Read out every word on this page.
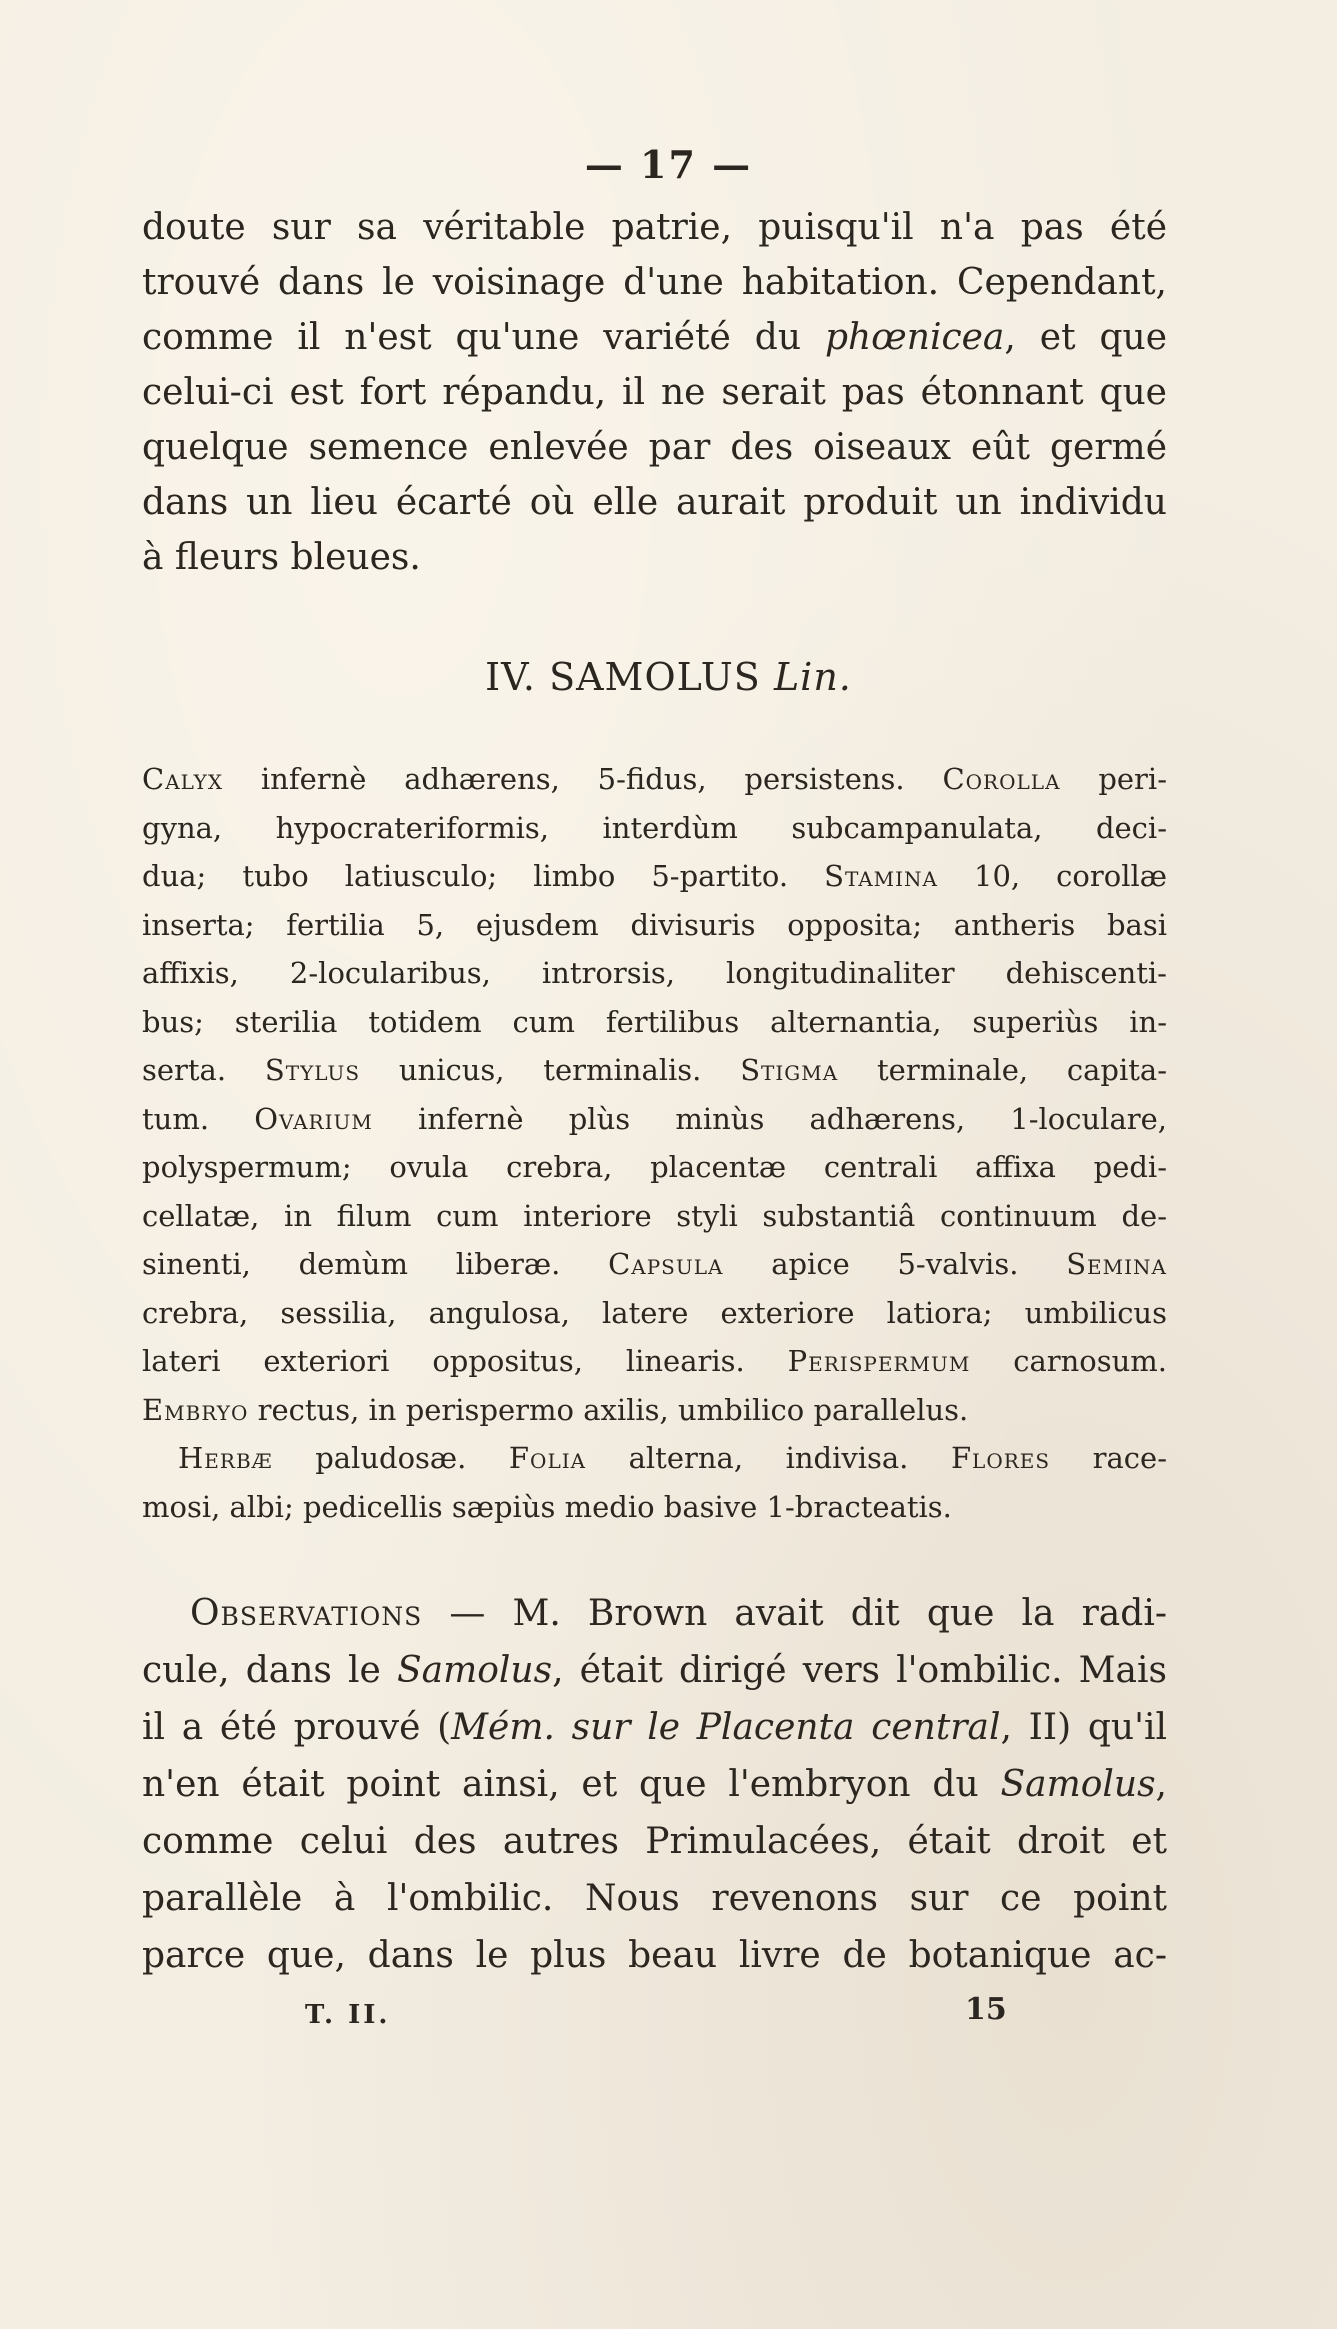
— 17 —
doute sur sa véritable patrie, puisqu'il n'a pas été
trouvé dans le voisinage d'une habitation. Cependant,
comme il n'est qu'une variété du phœnicea, et que
celui-ci est fort répandu, il ne serait pas étonnant que
quelque semence enlevée par des oiseaux eût germé
dans un lieu écarté où elle aurait produit un individu
à fleurs bleues.
IV. SAMOLUS Lin.
Calyx infernè adhærens, 5-fidus, persistens. Corolla peri-
gyna, hypocrateriformis, interdùm subcampanulata, deci-
dua; tubo latiusculo; limbo 5-partito. Stamina 10, corollæ
inserta; fertilia 5, ejusdem divisuris opposita; antheris basi
affixis, 2-locularibus, introrsis, longitudinaliter dehiscenti-
bus; sterilia totidem cum fertilibus alternantia, superiùs in-
serta. Stylus unicus, terminalis. Stigma terminale, capita-
tum. Ovarium infernè plùs minùs adhærens, 1-loculare,
polyspermum; ovula crebra, placentæ centrali affixa pedi-
cellatæ, in filum cum interiore styli substantiâ continuum de-
sinenti, demùm liberæ. Capsula apice 5-valvis. Semina
crebra, sessilia, angulosa, latere exteriore latiora; umbilicus
lateri exteriori oppositus, linearis. Perispermum carnosum.
Embryo rectus, in perispermo axilis, umbilico parallelus.
Herbæ paludosæ. Folia alterna, indivisa. Flores race-
mosi, albi; pedicellis sæpiùs medio basive 1-bracteatis.
Observations — M. Brown avait dit que la radi-
cule, dans le Samolus, était dirigé vers l'ombilic. Mais
il a été prouvé (Mém. sur le Placenta central, II) qu'il
n'en était point ainsi, et que l'embryon du Samolus,
comme celui des autres Primulacées, était droit et
parallèle à l'ombilic. Nous revenons sur ce point
parce que, dans le plus beau livre de botanique ac-
T. II.	15
